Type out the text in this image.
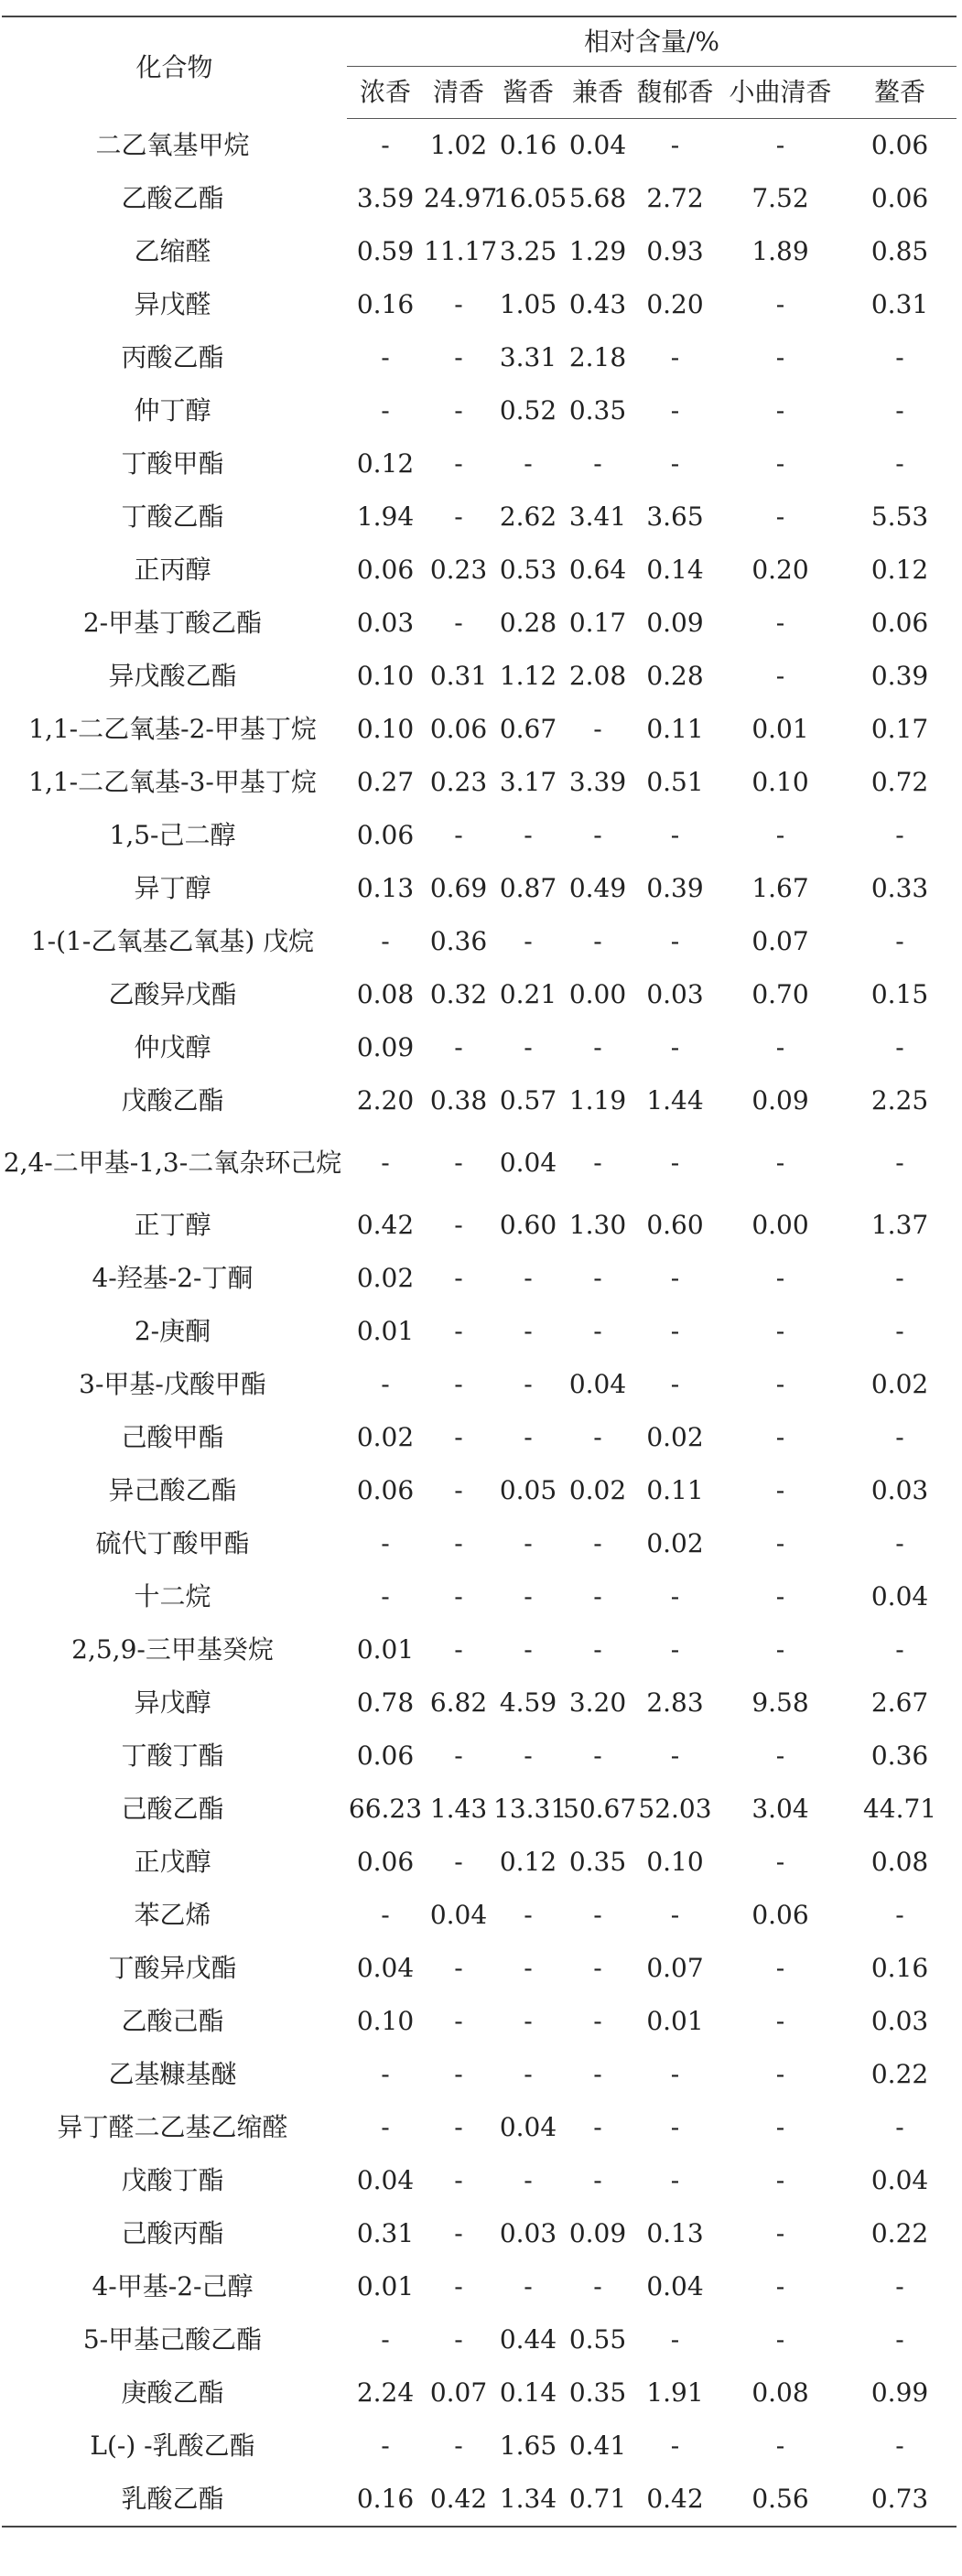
化合物	相对含量/%						
	浓香	清香	酱香	兼香	馥郁香	小曲清香	鳌香
二乙氧基甲烷	-	1.02	0.16	0.04	-	-	0.06
乙酸乙酯	3.59	24.97	16.05	5.68	2.72	7.52	0.06
乙缩醛	0.59	11.17	3.25	1.29	0.93	1.89	0.85
异戊醛	0.16	-	1.05	0.43	0.20	-	0.31
丙酸乙酯	-	-	3.31	2.18	-	-	-
仲丁醇	-	-	0.52	0.35	-	-	-
丁酸甲酯	0.12	-	-	-	-	-	-
丁酸乙酯	1.94	-	2.62	3.41	3.65	-	5.53
正丙醇	0.06	0.23	0.53	0.64	0.14	0.20	0.12
2-甲基丁酸乙酯	0.03	-	0.28	0.17	0.09	-	0.06
异戊酸乙酯	0.10	0.31	1.12	2.08	0.28	-	0.39
1,1-二乙氧基-2-甲基丁烷	0.10	0.06	0.67	-	0.11	0.01	0.17
1,1-二乙氧基-3-甲基丁烷	0.27	0.23	3.17	3.39	0.51	0.10	0.72
1,5-己二醇	0.06	-	-	-	-	-	-
异丁醇	0.13	0.69	0.87	0.49	0.39	1.67	0.33
1-(1-乙氧基乙氧基) 戊烷	-	0.36	-	-	-	0.07	-
乙酸异戊酯	0.08	0.32	0.21	0.00	0.03	0.70	0.15
仲戊醇	0.09	-	-	-	-	-	-
戊酸乙酯	2.20	0.38	0.57	1.19	1.44	0.09	2.25
2,4-二甲基-1,3-二氧杂环己烷	-	-	0.04	-	-	-	-
正丁醇	0.42	-	0.60	1.30	0.60	0.00	1.37
4-羟基-2-丁酮	0.02	-	-	-	-	-	-
2-庚酮	0.01	-	-	-	-	-	-
3-甲基-戊酸甲酯	-	-	-	0.04	-	-	0.02
己酸甲酯	0.02	-	-	-	0.02	-	-
异己酸乙酯	0.06	-	0.05	0.02	0.11	-	0.03
硫代丁酸甲酯	-	-	-	-	0.02	-	-
十二烷	-	-	-	-	-	-	0.04
2,5,9-三甲基癸烷	0.01	-	-	-	-	-	-
异戊醇	0.78	6.82	4.59	3.20	2.83	9.58	2.67
丁酸丁酯	0.06	-	-	-	-	-	0.36
己酸乙酯	66.23	1.43	13.31	50.67	52.03	3.04	44.71
正戊醇	0.06	-	0.12	0.35	0.10	-	0.08
苯乙烯	-	0.04	-	-	-	0.06	-
丁酸异戊酯	0.04	-	-	-	0.07	-	0.16
乙酸己酯	0.10	-	-	-	0.01	-	0.03
乙基糠基醚	-	-	-	-	-	-	0.22
异丁醛二乙基乙缩醛	-	-	0.04	-	-	-	-
戊酸丁酯	0.04	-	-	-	-	-	0.04
己酸丙酯	0.31	-	0.03	0.09	0.13	-	0.22
4-甲基-2-己醇	0.01	-	-	-	0.04	-	-
5-甲基己酸乙酯	-	-	0.44	0.55	-	-	-
庚酸乙酯	2.24	0.07	0.14	0.35	1.91	0.08	0.99
L(-) -乳酸乙酯	-	-	1.65	0.41	-	-	-
乳酸乙酯	0.16	0.42	1.34	0.71	0.42	0.56	0.73
